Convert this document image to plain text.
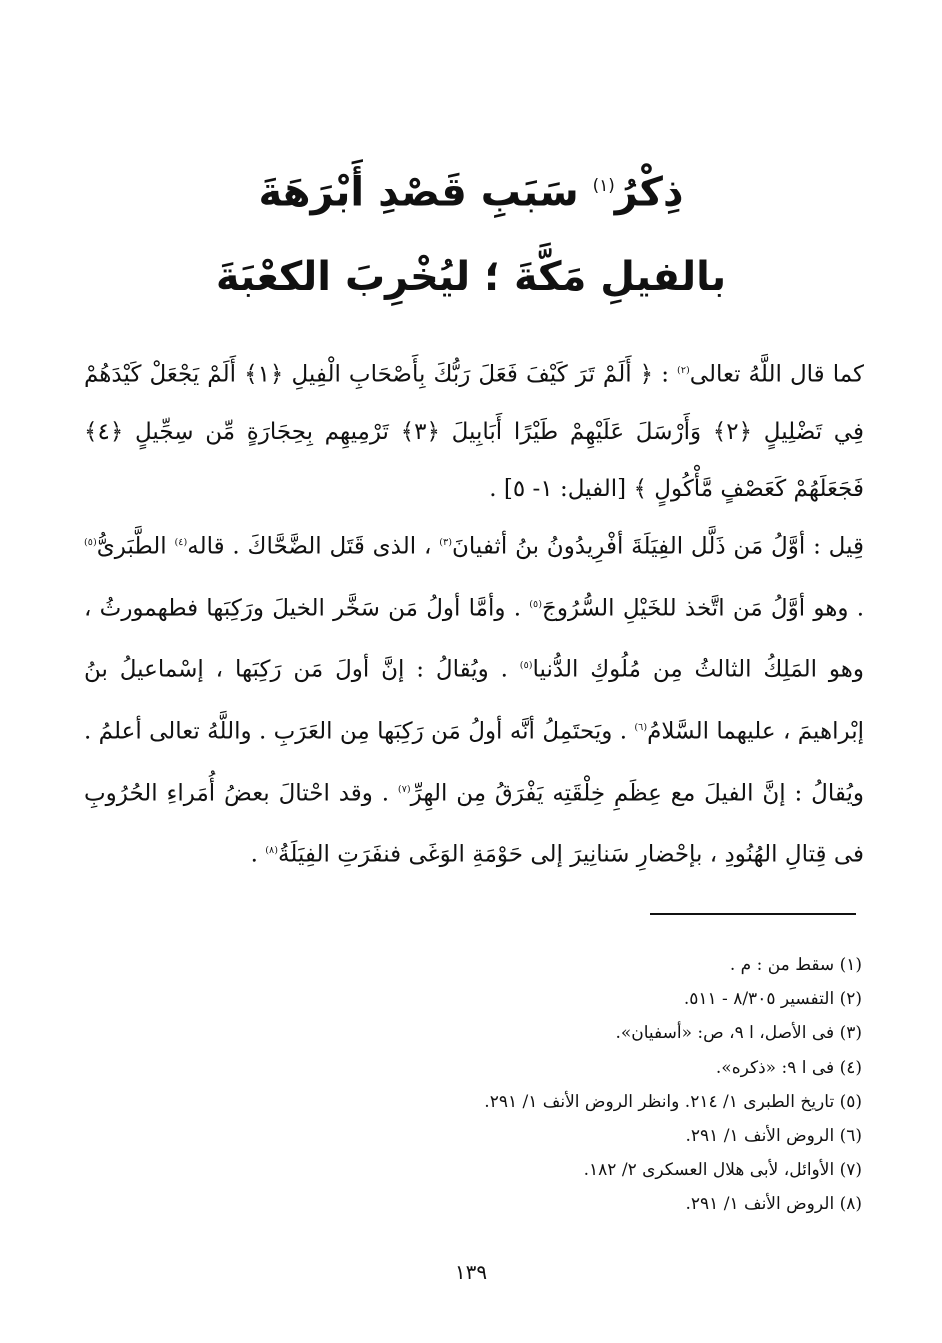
ذِكْرُ$^{(١)}$ سَبَبِ قَصْدِ أَبْرَهَةَ
بالفيلِ مَكَّةَ ؛ ليُخْرِبَ الكعْبَةَ

كما قال اللَّهُ تعالى$^{(٢)}$ : ﴿ أَلَمْ تَرَ كَيْفَ فَعَلَ رَبُّكَ بِأَصْحَابِ الْفِيلِ ﴿١﴾ أَلَمْ يَجْعَلْ كَيْدَهُمْ فِي تَضْلِيلٍ ﴿٢﴾ وَأَرْسَلَ عَلَيْهِمْ طَيْرًا أَبَابِيلَ ﴿٣﴾ تَرْمِيهِم بِحِجَارَةٍ مِّن سِجِّيلٍ ﴿٤﴾ فَجَعَلَهُمْ كَعَصْفٍ مَّأْكُولٍ ﴾ [الفيل: ١- ٥] .

قِيل : أوَّلُ مَن ذَلَّل الفِيَلَةَ أفْرِيدُونُ بنُ أثفيانَ$^{(٣)}$ ، الذى قَتَل الضَّحَّاكَ . قاله$^{(٤)}$ الطَّبَرىُّ$^{(٥)}$ . وهو أوَّلُ مَن اتَّخذ للخَيْلِ السُّرُوجَ$^{(٥)}$ . وأمَّا أولُ مَن سَخَّر الخيلَ ورَكِبَها فطهمورثُ ، وهو المَلِكُ الثالثُ مِن مُلُوكِ الدُّنيا$^{(٥)}$ . ويُقالُ : إنَّ أولَ مَن رَكِبَها ، إسْماعيلُ بنُ إبْراهيمَ ، عليهما السَّلامُ$^{(٦)}$ . ويَحتَمِلُ أنَّه أولُ مَن رَكِبَها مِن العَرَبِ . واللَّهُ تعالى أعلمُ . ويُقالُ : إنَّ الفيلَ مع عِظَمِ خِلْقَتِه يَفْرَقُ مِن الهِرِّ$^{(٧)}$ . وقد احْتالَ بعضُ أُمَراءِ الحُرُوبِ فى قِتالِ الهُنُودِ ، بإحْضارِ سَنانِيرَ إلى حَوْمَةِ الوَغَى فنفَرَتِ الفِيَلَةُ$^{(٨)}$ .

(١) سقط من : م .
(٢) التفسير ٨/٣٠٥ - ٥١١.
(٣) فى الأصل، ا ٩، ص: «أسفيان».
(٤) فى ا ٩: «ذكره».
(٥) تاريخ الطبرى ١/ ٢١٤. وانظر الروض الأنف ١/ ٢٩١.
(٦) الروض الأنف ١/ ٢٩١.
(٧) الأوائل، لأبى هلال العسكرى ٢/ ١٨٢.
(٨) الروض الأنف ١/ ٢٩١.
١٣٩
